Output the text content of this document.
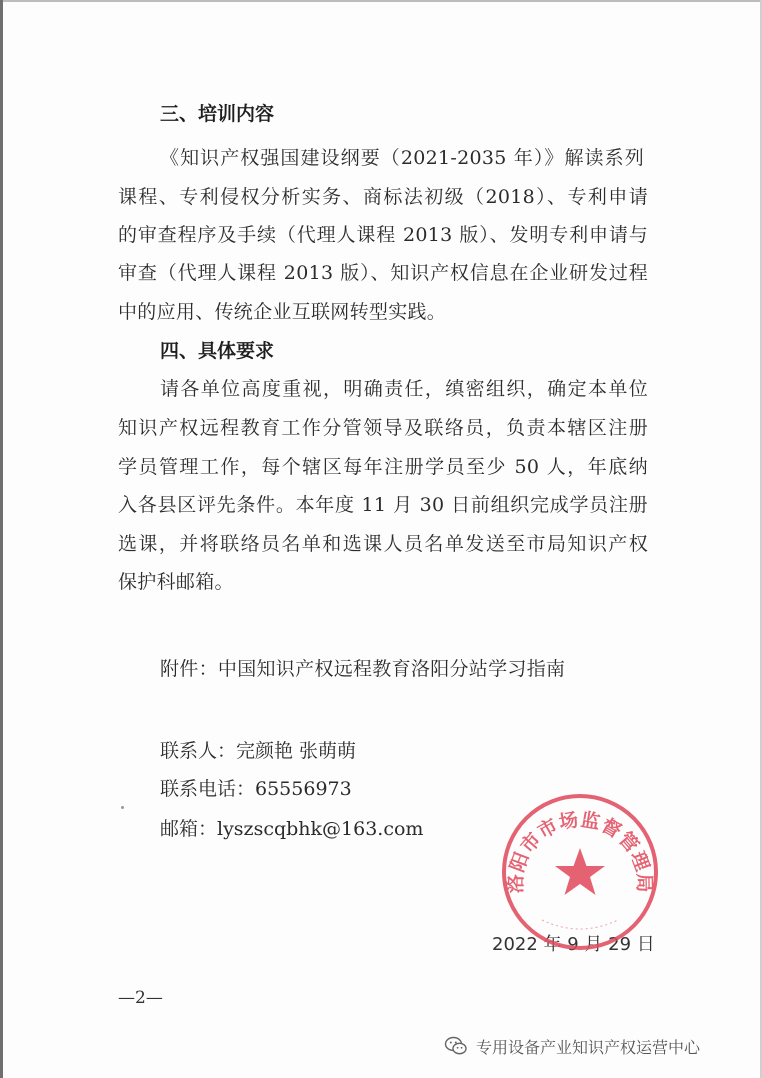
三、培训内容
《知识产权强国建设纲要（2021-2035 年）》解读系列
课程、专利侵权分析实务、商标法初级（2018）、专利申请
的审查程序及手续（代理人课程 2013 版）、发明专利申请与
审查（代理人课程 2013 版）、知识产权信息在企业研发过程
中的应用、传统企业互联网转型实践。
四、具体要求
请各单位高度重视，明确责任，缜密组织，确定本单位
知识产权远程教育工作分管领导及联络员，负责本辖区注册
学员管理工作，每个辖区每年注册学员至少 50 人，年底纳
入各县区评先条件。本年度 11 月 30 日前组织完成学员注册
选课，并将联络员名单和选课人员名单发送至市局知识产权
保护科邮箱。
附件：中国知识产权远程教育洛阳分站学习指南
联系人：完颜艳 张萌萌
联系电话：65556973
邮箱：lyszscqbhk@163.com
洛阳市市场监督管理局
2022 年 9 月 29 日
—2—
专用设备产业知识产权运营中心
